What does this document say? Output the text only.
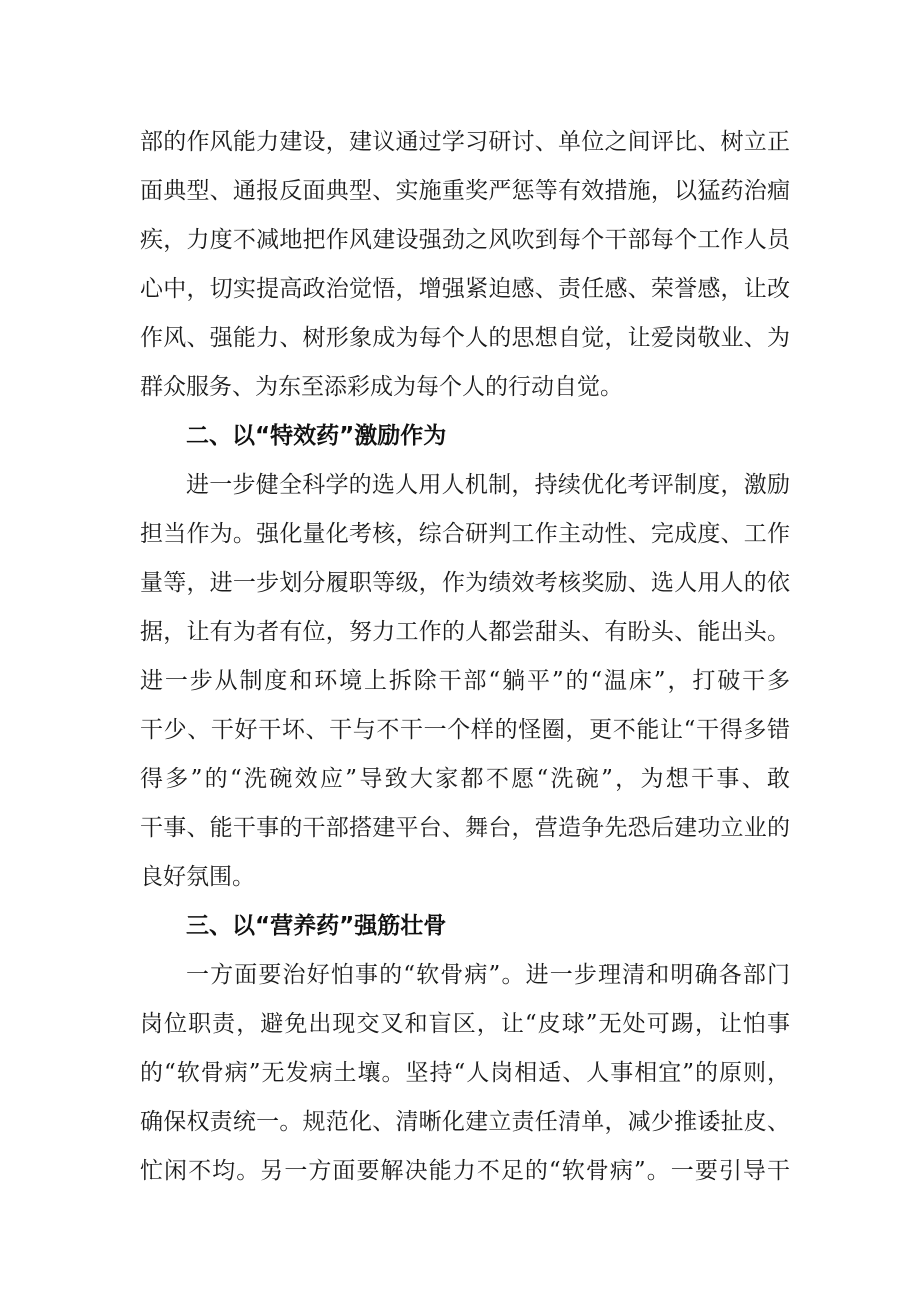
部的作风能力建设，建议通过学习研讨、单位之间评比、树立正
面典型、通报反面典型、实施重奖严惩等有效措施，以猛药治痼
疾，力度不减地把作风建设强劲之风吹到每个干部每个工作人员
心中，切实提高政治觉悟，增强紧迫感、责任感、荣誉感，让改
作风、强能力、树形象成为每个人的思想自觉，让爱岗敬业、为
群众服务、为东至添彩成为每个人的行动自觉。
二、以“特效药”激励作为
进一步健全科学的选人用人机制，持续优化考评制度，激励
担当作为。强化量化考核，综合研判工作主动性、完成度、工作
量等，进一步划分履职等级，作为绩效考核奖励、选人用人的依
据，让有为者有位，努力工作的人都尝甜头、有盼头、能出头。
进一步从制度和环境上拆除干部“躺平”的“温床”，打破干多
干少、干好干坏、干与不干一个样的怪圈，更不能让“干得多错
得多”的“洗碗效应”导致大家都不愿“洗碗”，为想干事、敢
干事、能干事的干部搭建平台、舞台，营造争先恐后建功立业的
良好氛围。
三、以“营养药”强筋壮骨
一方面要治好怕事的“软骨病”。进一步理清和明确各部门
岗位职责，避免出现交叉和盲区，让“皮球”无处可踢，让怕事
的“软骨病”无发病土壤。坚持“人岗相适、人事相宜”的原则，
确保权责统一。规范化、清晰化建立责任清单，减少推诿扯皮、
忙闲不均。另一方面要解决能力不足的“软骨病”。一要引导干
